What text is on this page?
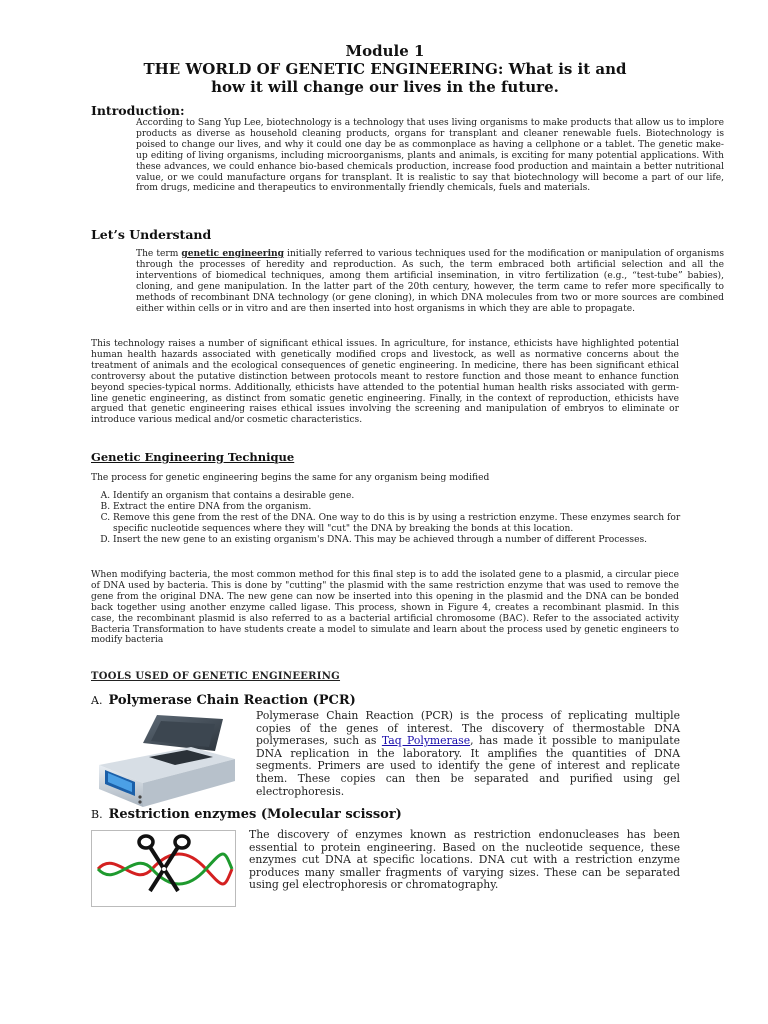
Module 1
THE WORLD OF GENETIC ENGINEERING: What is it and
how it will change our lives in the future.
Introduction:
According to Sang Yup Lee, biotechnology is a technology that uses living organisms to make products that allow us to implore products as diverse as household cleaning products, organs for transplant and cleaner renewable fuels. Biotechnology is poised to change our lives, and why it could one day be as commonplace as having a cellphone or a tablet. The genetic make-up editing of living organisms, including microorganisms, plants and animals, is exciting for many potential applications. With these advances, we could enhance bio-based chemicals production, increase food production and maintain a better nutritional value, or we could manufacture organs for transplant. It is realistic to say that biotechnology will become a part of our life, from drugs, medicine and therapeutics to environmentally friendly chemicals, fuels and materials.
Let’s Understand
The term genetic engineering initially referred to various techniques used for the modification or manipulation of organisms through the processes of heredity and reproduction. As such, the term embraced both artificial selection and all the interventions of biomedical techniques, among them artificial insemination, in vitro fertilization (e.g., “test-tube” babies), cloning, and gene manipulation. In the latter part of the 20th century, however, the term came to refer more specifically to methods of recombinant DNA technology (or gene cloning), in which DNA molecules from two or more sources are combined either within cells or in vitro and are then inserted into host organisms in which they are able to propagate.
This technology raises a number of significant ethical issues. In agriculture, for instance, ethicists have highlighted potential human health hazards associated with genetically modified crops and livestock, as well as normative concerns about the treatment of animals and the ecological consequences of genetic engineering. In medicine, there has been significant ethical controversy about the putative distinction between protocols meant to restore function and those meant to enhance function beyond species-typical norms. Additionally, ethicists have attended to the potential human health risks associated with germ-line genetic engineering, as distinct from somatic genetic engineering. Finally, in the context of reproduction, ethicists have argued that genetic engineering raises ethical issues involving the screening and manipulation of embryos to eliminate or introduce various medical and/or cosmetic characteristics.
Genetic Engineering Technique
The process for genetic engineering begins the same for any organism being modified
A. Identify an organism that contains a desirable gene.
B. Extract the entire DNA from the organism.
C. Remove this gene from the rest of the DNA. One way to do this is by using a restriction enzyme. These enzymes search for specific nucleotide sequences where they will "cut" the DNA by breaking the bonds at this location.
D. Insert the new gene to an existing organism's DNA. This may be achieved through a number of different Processes.
When modifying bacteria, the most common method for this final step is to add the isolated gene to a plasmid, a circular piece of DNA used by bacteria. This is done by "cutting" the plasmid with the same restriction enzyme that was used to remove the gene from the original DNA. The new gene can now be inserted into this opening in the plasmid and the DNA can be bonded back together using another enzyme called ligase. This process, shown in Figure 4, creates a recombinant plasmid. In this case, the recombinant plasmid is also referred to as a bacterial artificial chromosome (BAC). Refer to the associated activity Bacteria Transformation to have students create a model to simulate and learn about the process used by genetic engineers to modify bacteria
TOOLS USED OF GENETIC ENGINEERING
A. Polymerase Chain Reaction (PCR)
Polymerase Chain Reaction (PCR) is the process of replicating multiple copies of the genes of interest. The discovery of thermostable DNA polymerases, such as Taq Polymerase, has made it possible to manipulate DNA replication in the laboratory. It amplifies the quantities of DNA segments. Primers are used to identify the gene of interest and replicate them. These copies can then be separated and purified using gel electrophoresis.
B. Restriction enzymes (Molecular scissor)
The discovery of enzymes known as restriction endonucleases has been essential to protein engineering. Based on the nucleotide sequence, these enzymes cut DNA at specific locations. DNA cut with a restriction enzyme produces many smaller fragments of varying sizes. These can be separated using gel electrophoresis or chromatography.
